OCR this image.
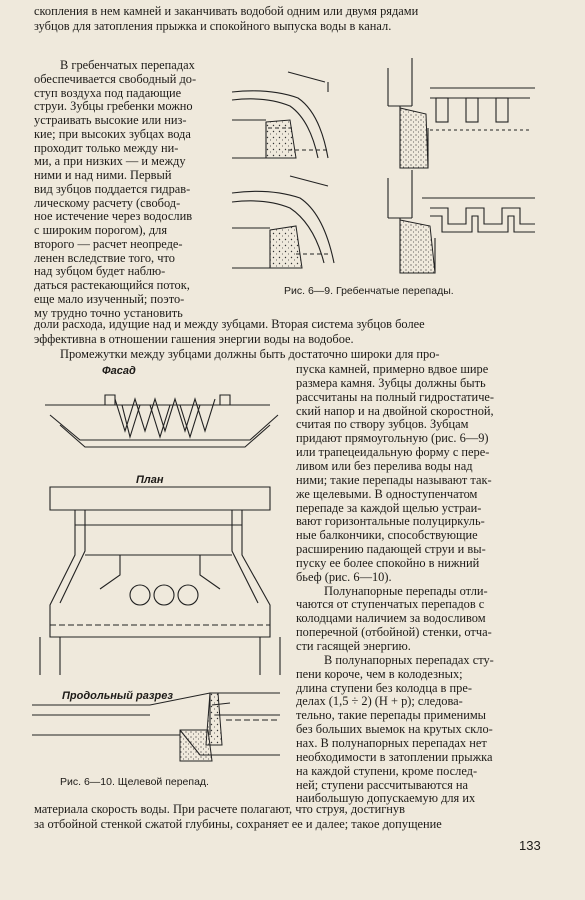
скопления в нем камней и заканчивать водобой одним или двумя рядами
зубцов для затопления прыжка и спокойного выпуска воды в канал.
В гребенчатых перепадах
обеспечивается свободный до-
ступ воздуха под падающие
струи. Зубцы гребенки можно
устраивать высокие или низ-
кие; при высоких зубцах вода
проходит только между ни-
ми, а при низких — и между
ними и над ними. Первый
вид зубцов поддается гидрав-
лическому расчету (свобод-
ное истечение через водослив
с широким порогом), для
второго — расчет неопреде-
ленен вследствие того, что
над зубцом будет наблю-
даться растекающийся поток,
еще мало изученный; поэто-
му трудно точно установить
Рис. 6—9. Гребенчатые перепады.
доли расхода, идущие над и между зубцами. Вторая система зубцов более
эффективна в отношении гашения энергии воды на водобое.
Промежутки между зубцами должны быть достаточно широки для про-
пуска камней, примерно вдвое шире
размера камня. Зубцы должны быть
рассчитаны на полный гидростатиче-
ский напор и на двойной скоростной,
считая по створу зубцов. Зубцам
придают прямоугольную (рис. 6—9)
или трапецеидальную форму с пере-
ливом или без перелива воды над
ними; такие перепады называют так-
же щелевыми. В одноступенчатом
перепаде за каждой щелью устраи-
вают горизонтальные полуциркуль-
ные балкончики, способствующие
расширению падающей струи и вы-
пуску ее более спокойно в нижний
бьеф (рис. 6—10).
Полунапорные перепады отли-
чаются от ступенчатых перепадов с
колодцами наличием за водосливом
поперечной (отбойной) стенки, отча-
сти гасящей энергию.
В полунапорных перепадах сту-
пени короче, чем в колодезных;
длина ступени без колодца в пре-
делах (1,5 ÷ 2) (H + p); следова-
тельно, такие перепады применимы
без больших выемок на крутых скло-
нах. В полунапорных перепадах нет
необходимости в затоплении прыжка
на каждой ступени, кроме послед-
ней; ступени рассчитываются на
наибольшую допускаемую для их
Фасад
План
Продольный разрез
Рис. 6—10. Щелевой перепад.
материала скорость воды. При расчете полагают, что струя, достигнув
за отбойной стенкой сжатой глубины, сохраняет ее и далее; такое допущение
133
